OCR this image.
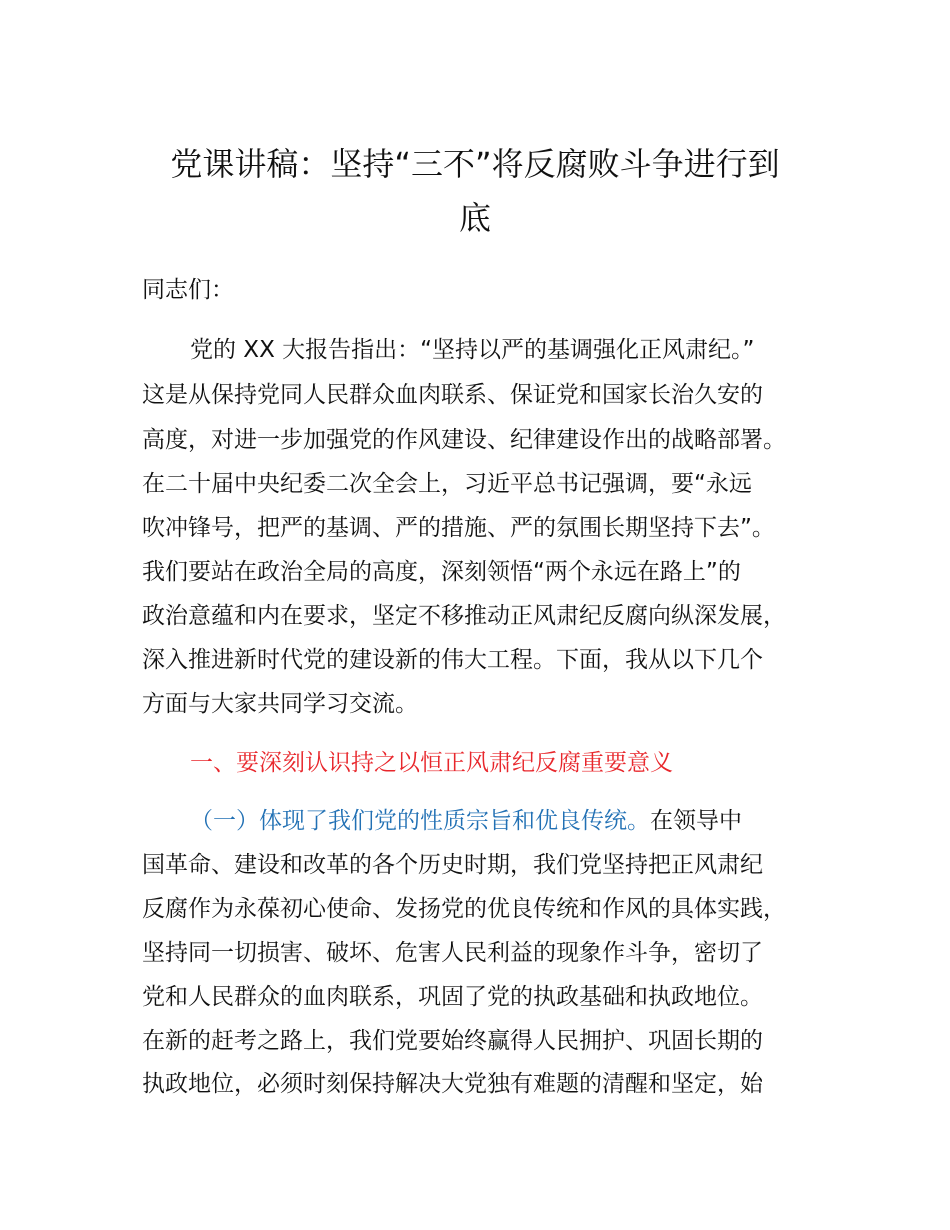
党课讲稿：坚持“三不”将反腐败斗争进行到
底
同志们：
党的 XX 大报告指出：“坚持以严的基调强化正风肃纪。”
这是从保持党同人民群众血肉联系、保证党和国家长治久安的
高度，对进一步加强党的作风建设、纪律建设作出的战略部署。
在二十届中央纪委二次全会上，习近平总书记强调，要“永远
吹冲锋号，把严的基调、严的措施、严的氛围长期坚持下去”。
我们要站在政治全局的高度，深刻领悟“两个永远在路上”的
政治意蕴和内在要求，坚定不移推动正风肃纪反腐向纵深发展，
深入推进新时代党的建设新的伟大工程。下面，我从以下几个
方面与大家共同学习交流。
一、要深刻认识持之以恒正风肃纪反腐重要意义
（一）体现了我们党的性质宗旨和优良传统。在领导中
国革命、建设和改革的各个历史时期，我们党坚持把正风肃纪
反腐作为永葆初心使命、发扬党的优良传统和作风的具体实践，
坚持同一切损害、破坏、危害人民利益的现象作斗争，密切了
党和人民群众的血肉联系，巩固了党的执政基础和执政地位。
在新的赶考之路上，我们党要始终赢得人民拥护、巩固长期的
执政地位，必须时刻保持解决大党独有难题的清醒和坚定，始
